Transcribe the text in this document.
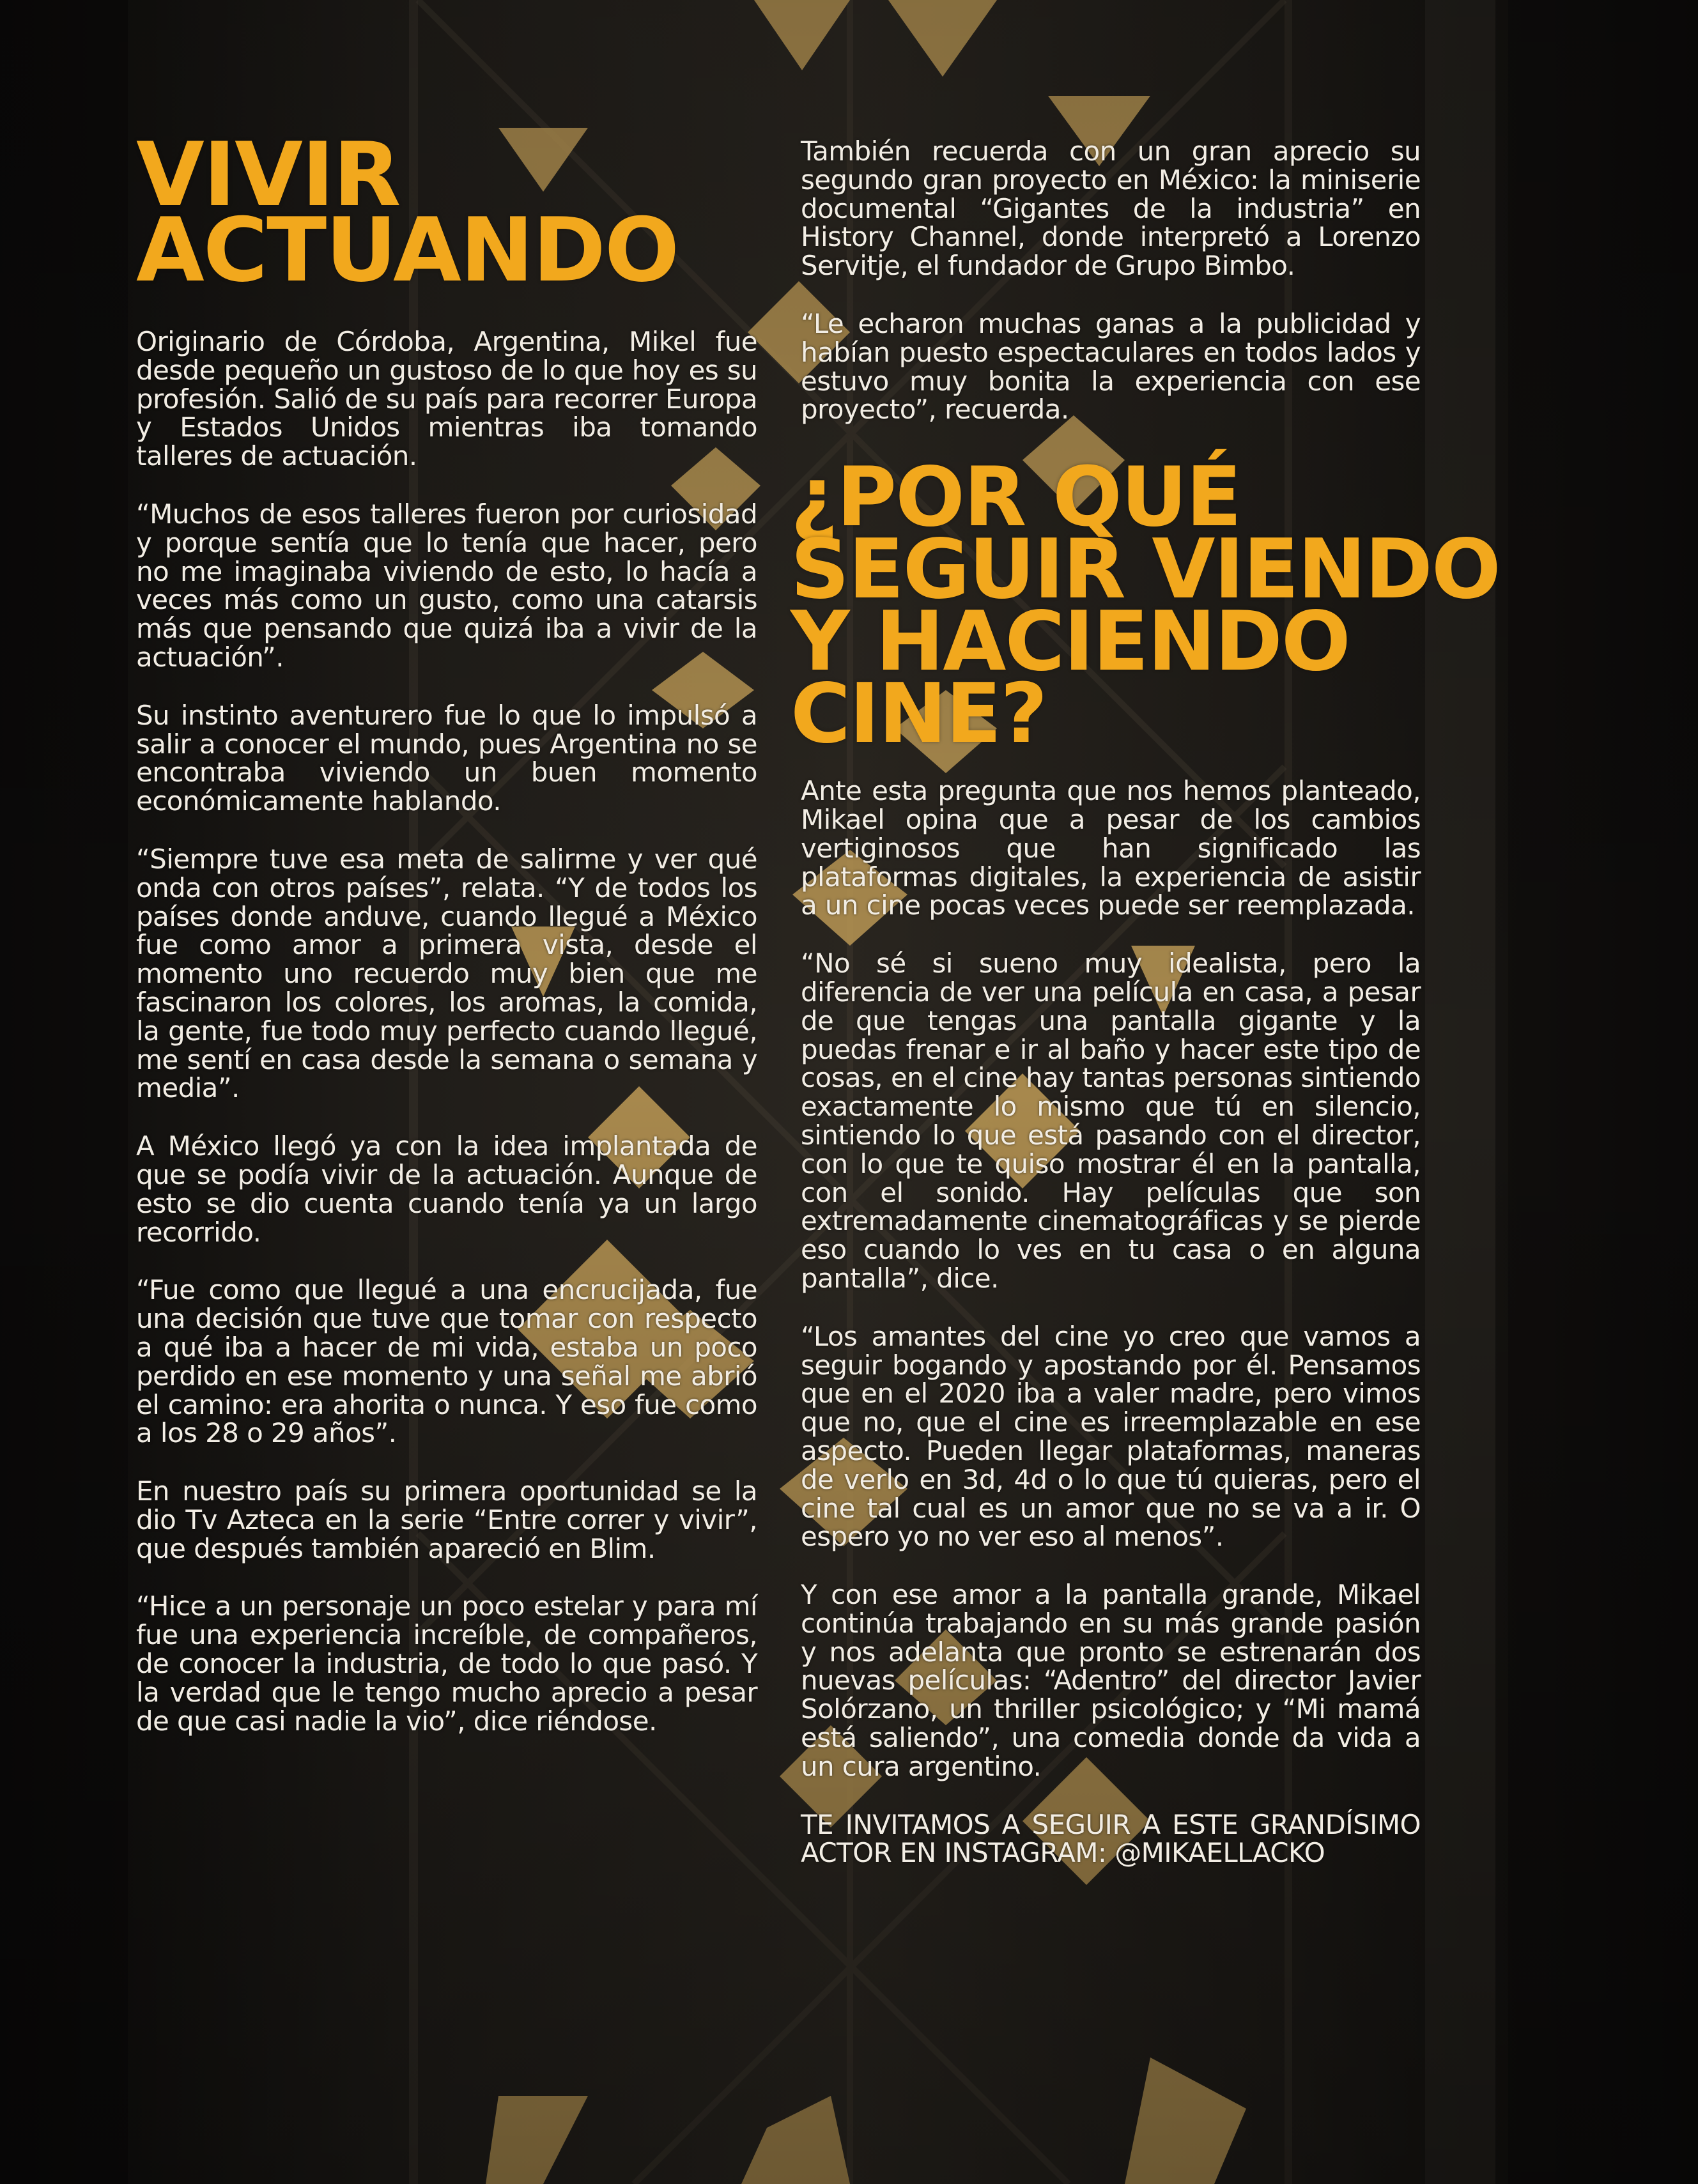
VIVIR
ACTUANDO

Originario de Córdoba, Argentina, Mikel fue desde pequeño un gustoso de lo que hoy es su profesión. Salió de su país para recorrer Europa y Estados Unidos mientras iba tomando talleres de actuación.

“Muchos de esos talleres fueron por curiosidad y porque sentía que lo tenía que hacer, pero no me imaginaba viviendo de esto, lo hacía a veces más como un gusto, como una catarsis más que pensando que quizá iba a vivir de la actuación”.

Su instinto aventurero fue lo que lo impulsó a salir a conocer el mundo, pues Argentina no se encontraba viviendo un buen momento económicamente hablando.

“Siempre tuve esa meta de salirme y ver qué onda con otros países”, relata. “Y de todos los países donde anduve, cuando llegué a México fue como amor a primera vista, desde el momento uno recuerdo muy bien que me fascinaron los colores, los aromas, la comida, la gente, fue todo muy perfecto cuando llegué, me sentí en casa desde la semana o semana y media”.

A México llegó ya con la idea implantada de que se podía vivir de la actuación. Aunque de esto se dio cuenta cuando tenía ya un largo recorrido.

“Fue como que llegué a una encrucijada, fue una decisión que tuve que tomar con respecto a qué iba a hacer de mi vida, estaba un poco perdido en ese momento y una señal me abrió el camino: era ahorita o nunca. Y eso fue como a los 28 o 29 años”.

En nuestro país su primera oportunidad se la dio Tv Azteca en la serie “Entre correr y vivir”, que después también apareció en Blim.

“Hice a un personaje un poco estelar y para mí fue una experiencia increíble, de compañeros, de conocer la industria, de todo lo que pasó. Y la verdad que le tengo mucho aprecio a pesar de que casi nadie la vio”, dice riéndose.

También recuerda con un gran aprecio su segundo gran proyecto en México: la miniserie documental “Gigantes de la industria” en History Channel, donde interpretó a Lorenzo Servitje, el fundador de Grupo Bimbo.

“Le echaron muchas ganas a la publicidad y habían puesto espectaculares en todos lados y estuvo muy bonita la experiencia con ese proyecto”, recuerda.

¿POR QUÉ
SEGUIR VIENDO
Y HACIENDO
CINE?

Ante esta pregunta que nos hemos planteado, Mikael opina que a pesar de los cambios vertiginosos que han significado las plataformas digitales, la experiencia de asistir a un cine pocas veces puede ser reemplazada.

“No sé si sueno muy idealista, pero la diferencia de ver una película en casa, a pesar de que tengas una pantalla gigante y la puedas frenar e ir al baño y hacer este tipo de cosas, en el cine hay tantas personas sintiendo exactamente lo mismo que tú en silencio, sintiendo lo que está pasando con el director, con lo que te quiso mostrar él en la pantalla, con el sonido. Hay películas que son extremadamente cinematográficas y se pierde eso cuando lo ves en tu casa o en alguna pantalla”, dice.

“Los amantes del cine yo creo que vamos a seguir bogando y apostando por él. Pensamos que en el 2020 iba a valer madre, pero vimos que no, que el cine es irreemplazable en ese aspecto. Pueden llegar plataformas, maneras de verlo en 3d, 4d o lo que tú quieras, pero el cine tal cual es un amor que no se va a ir. O espero yo no ver eso al menos”.

Y con ese amor a la pantalla grande, Mikael continúa trabajando en su más grande pasión y nos adelanta que pronto se estrenarán dos nuevas películas: “Adentro” del director Javier Solórzano, un thriller psicológico; y “Mi mamá está saliendo”, una comedia donde da vida a un cura argentino.

TE INVITAMOS A SEGUIR A ESTE GRANDÍSIMO ACTOR EN INSTAGRAM: @MIKAELLACKO
